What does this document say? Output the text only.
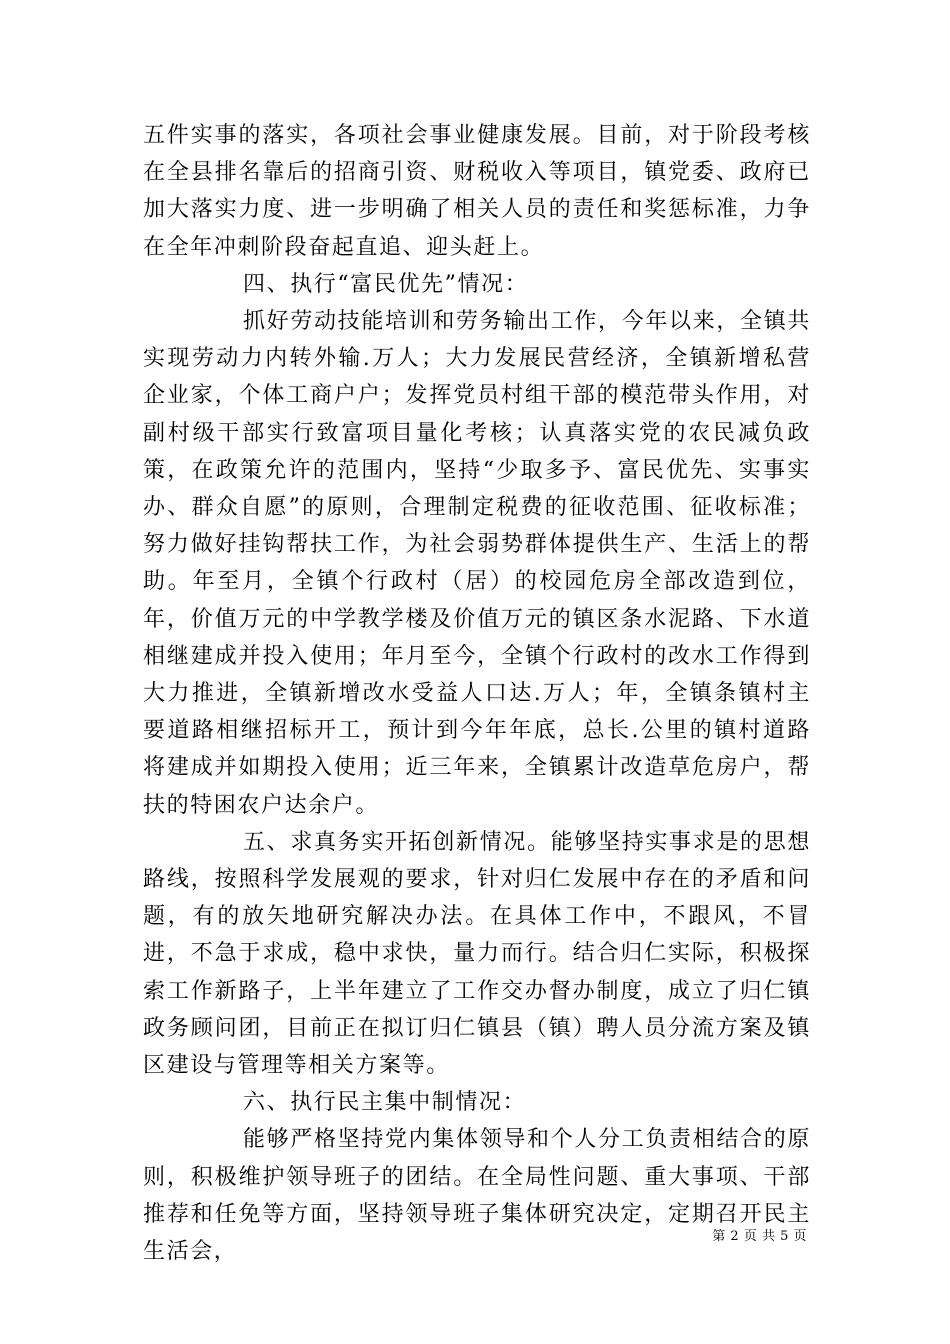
五件实事的落实，各项社会事业健康发展。目前，对于阶段考核在全县排名靠后的招商引资、财税收入等项目，镇党委、政府已加大落实力度、进一步明确了相关人员的责任和奖惩标准，力争在全年冲刺阶段奋起直追、迎头赶上。

四、执行“富民优先”情况：

抓好劳动技能培训和劳务输出工作，今年以来，全镇共实现劳动力内转外输.万人；大力发展民营经济，全镇新增私营企业家，个体工商户户；发挥党员村组干部的模范带头作用，对副村级干部实行致富项目量化考核；认真落实党的农民减负政策，在政策允许的范围内，坚持“少取多予、富民优先、实事实办、群众自愿”的原则，合理制定税费的征收范围、征收标准；努力做好挂钩帮扶工作，为社会弱势群体提供生产、生活上的帮助。年至月，全镇个行政村（居）的校园危房全部改造到位，年，价值万元的中学教学楼及价值万元的镇区条水泥路、下水道相继建成并投入使用；年月至今，全镇个行政村的改水工作得到大力推进，全镇新增改水受益人口达.万人；年，全镇条镇村主要道路相继招标开工，预计到今年年底，总长.公里的镇村道路将建成并如期投入使用；近三年来，全镇累计改造草危房户，帮扶的特困农户达余户。

五、求真务实开拓创新情况。能够坚持实事求是的思想路线，按照科学发展观的要求，针对归仁发展中存在的矛盾和问题，有的放矢地研究解决办法。在具体工作中，不跟风，不冒进，不急于求成，稳中求快，量力而行。结合归仁实际，积极探索工作新路子，上半年建立了工作交办督办制度，成立了归仁镇政务顾问团，目前正在拟订归仁镇县（镇）聘人员分流方案及镇区建设与管理等相关方案等。

六、执行民主集中制情况：

能够严格坚持党内集体领导和个人分工负责相结合的原则，积极维护领导班子的团结。在全局性问题、重大事项、干部推荐和任免等方面，坚持领导班子集体研究决定，定期召开民主生活会，

第 2 页 共 5 页
